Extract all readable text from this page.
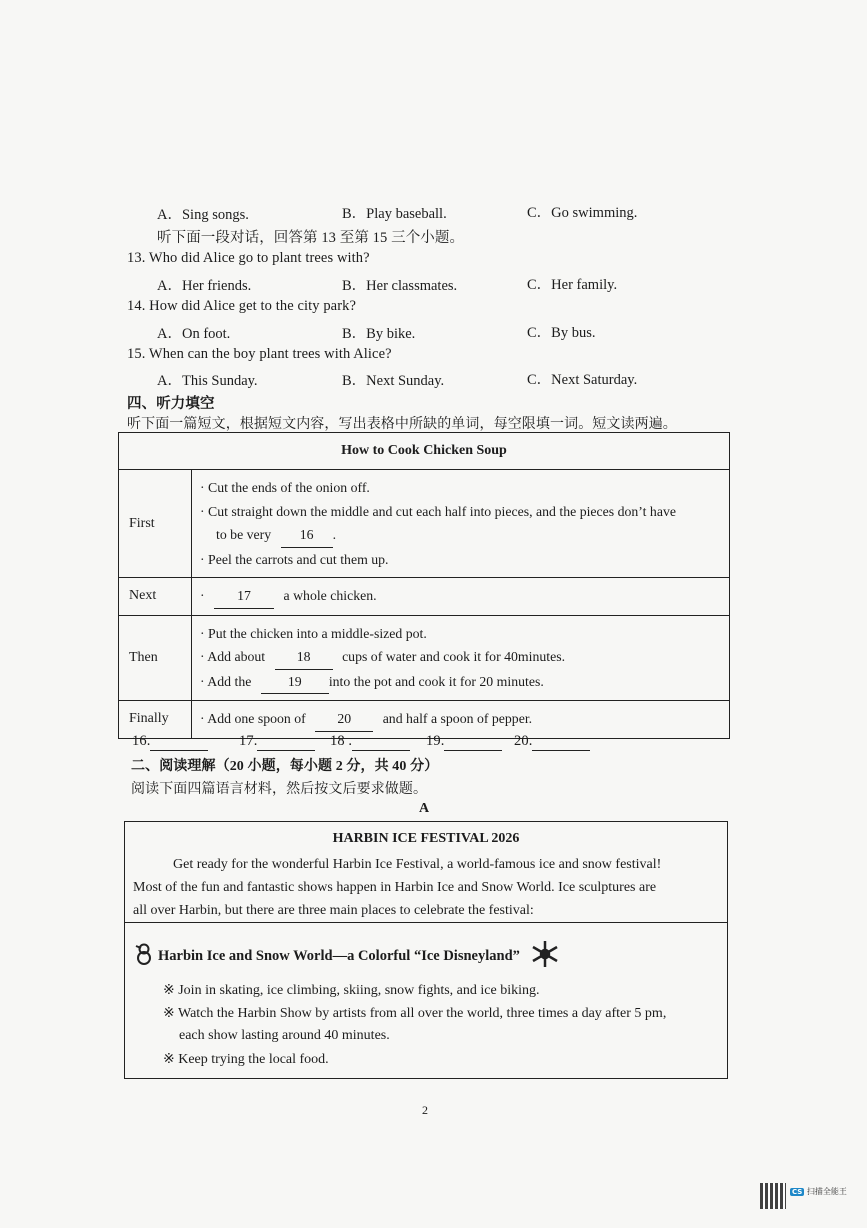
A．Sing songs.	B．Play baseball.	C．Go swimming.
听下面一段对话，回答第 13 至第 15 三个小题。
13. Who did Alice go to plant trees with?
A．Her friends.	B．Her classmates.	C．Her family.
14. How did Alice get to the city park?
A．On foot.	B．By bike.	C．By bus.
15. When can the boy plant trees with Alice?
A．This Sunday.	B．Next Sunday.	C．Next Saturday.
四、听力填空
听下面一篇短文，根据短文内容，写出表格中所缺的单词，每空限填一词。短文读两遍。
How to Cook Chicken Soup	
First	· Cut the ends of the onion off.
· Cut straight down the middle and cut each half into pieces, and the pieces don’t have
to be very 16 .
· Peel the carrots and cut them up.

Next	· 17 a whole chicken.

Then	· Put the chicken into a middle-sized pot.
· Add about 18 cups of water and cook it for 40minutes.
· Add the 19 into the pot and cook it for 20 minutes.

Finally	· Add one spoon of 20 and half a spoon of pepper.
16.	17.	18 .	19.	20.
二、阅读理解（20 小题，每小题 2 分，共 40 分）
阅读下面四篇语言材料，然后按文后要求做题。
A
HARBIN ICE FESTIVAL 2026
Get ready for the wonderful Harbin Ice Festival, a world-famous ice and snow festival!
Most of the fun and fantastic shows happen in Harbin Ice and Snow World. Ice sculptures are
all over Harbin, but there are three main places to celebrate the festival:
Harbin Ice and Snow World—a Colorful “Ice Disneyland”
※ Join in skating, ice climbing, skiing, snow fights, and ice biking.
※ Watch the Harbin Show by artists from all over the world, three times a day after 5 pm,
each show lasting around 40 minutes.
※ Keep trying the local food.
2
CS 扫描全能王
